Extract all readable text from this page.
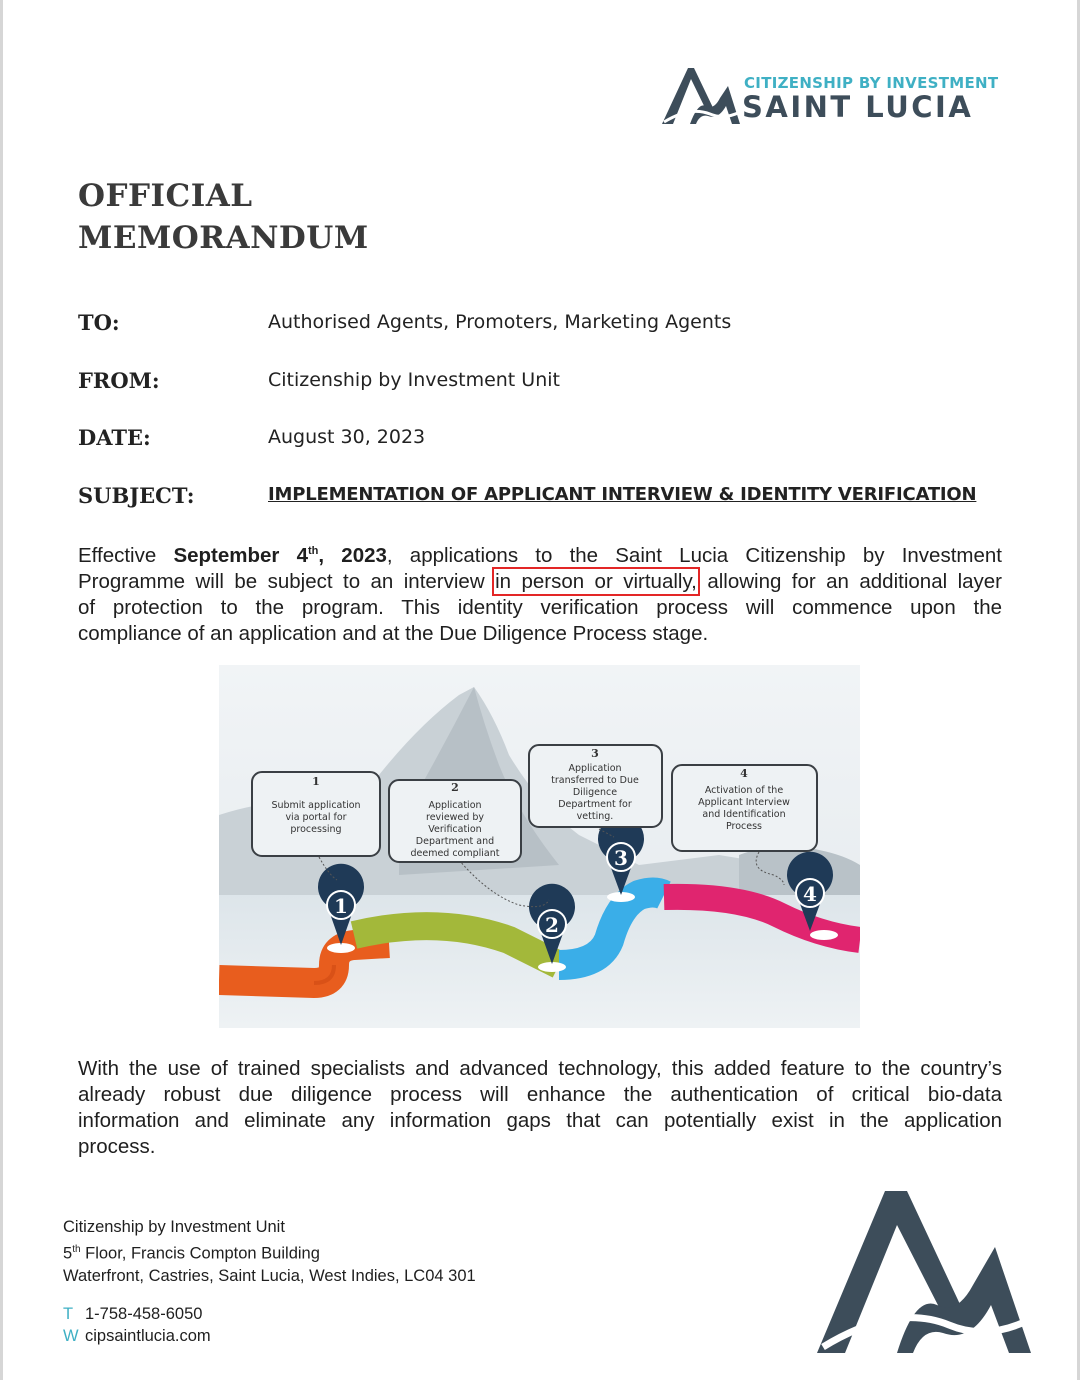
CITIZENSHIP BY INVESTMENT
SAINT LUCIA
OFFICIAL
MEMORANDUM
TO:	Authorised Agents, Promoters, Marketing Agents
FROM:	Citizenship by Investment Unit
DATE:	August 30, 2023
SUBJECT:	IMPLEMENTATION OF APPLICANT INTERVIEW & IDENTITY VERIFICATION
Effective September 4th, 2023, applications to the Saint Lucia Citizenship by Investment
Programme will be subject to an interview in person or virtually, allowing for an additional layer
of protection to the program. This identity verification process will commence upon the
compliance of an application and at the Due Diligence Process stage.
1
2
3
4
1
Submit application
via portal for
processing
2
Application
reviewed by
Verification
Department and
deemed compliant
3
Application
transferred to Due
Diligence
Department for
vetting.
4
Activation of the
Applicant Interview
and Identification
Process
With the use of trained specialists and advanced technology, this added feature to the country’s
already robust due diligence process will enhance the authentication of critical bio-data
information and eliminate any information gaps that can potentially exist in the application
process.
Citizenship by Investment Unit
5th Floor, Francis Compton Building
Waterfront, Castries, Saint Lucia, West Indies, LC04 301
T 1-758-458-6050
W cipsaintlucia.com
